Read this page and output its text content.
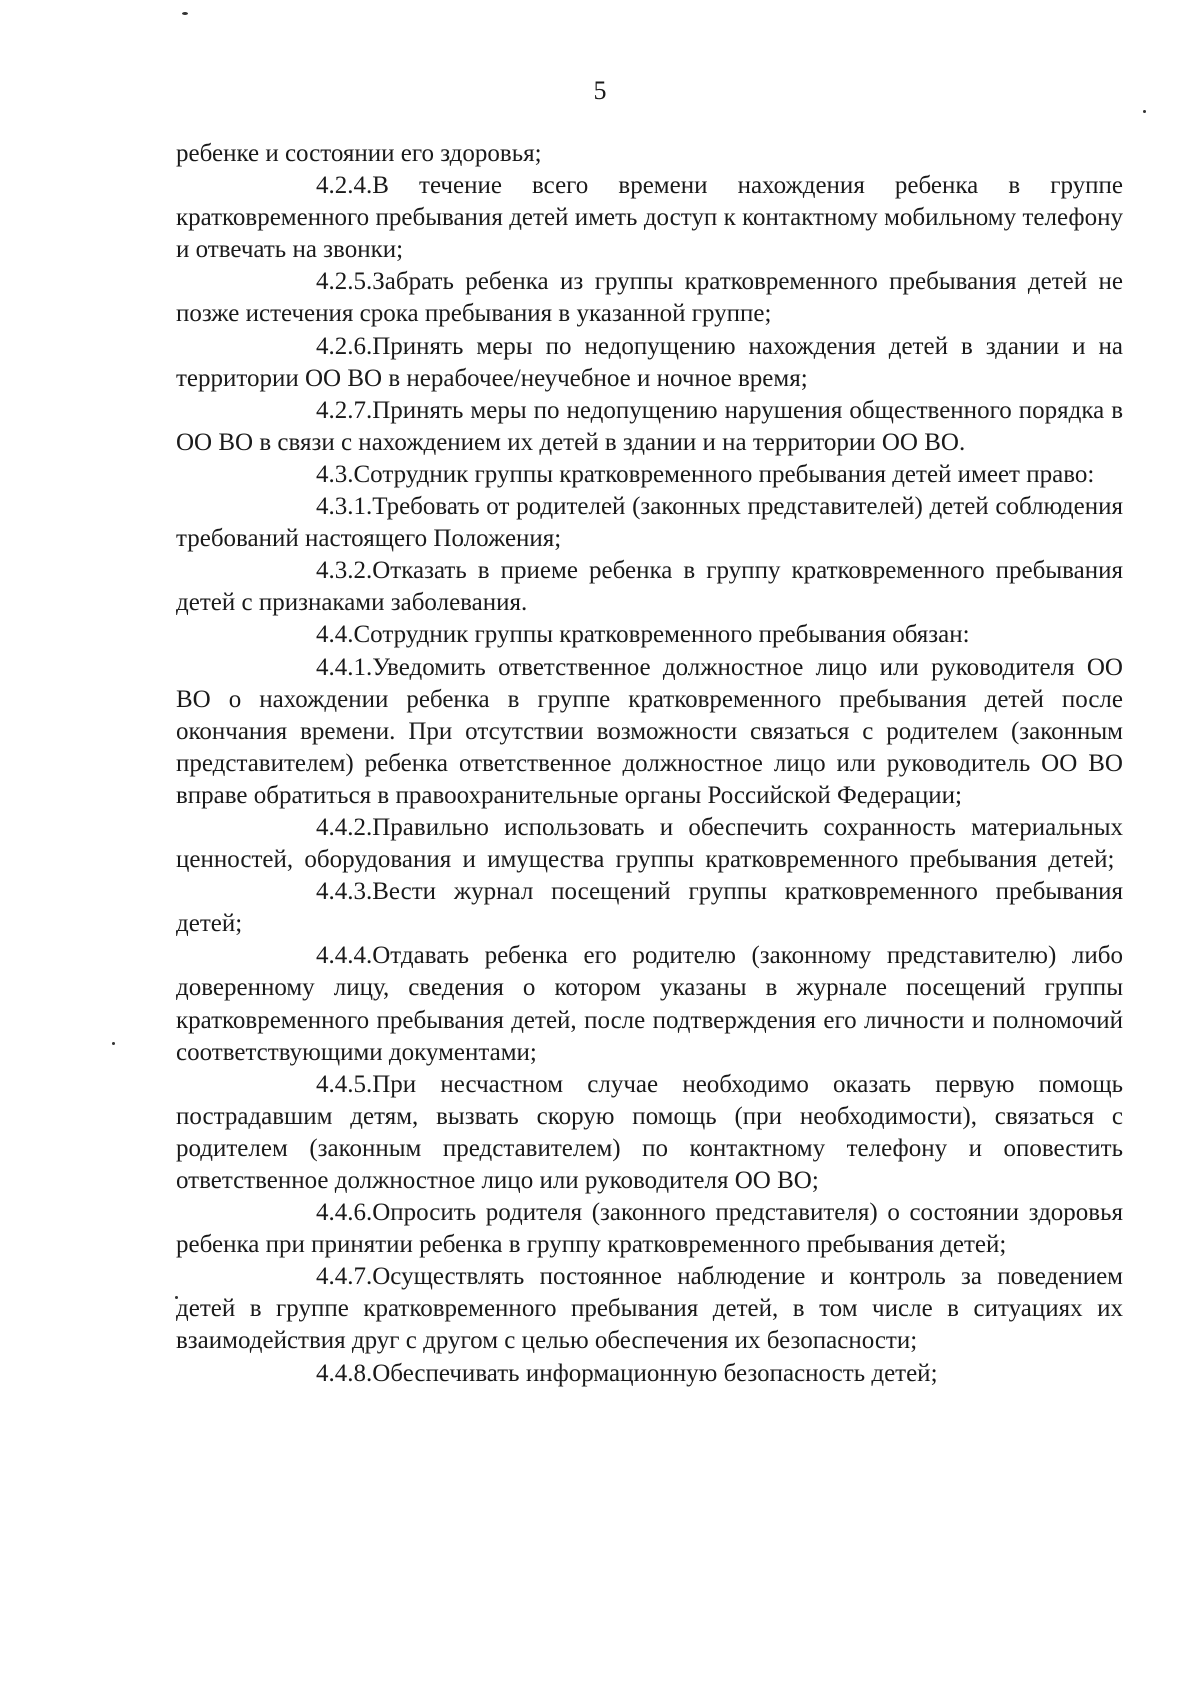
5

ребенке и состоянии его здоровья;

4.2.4.В течение всего времени нахождения ребенка в группе кратковременного пребывания детей иметь доступ к контактному мобильному телефону и отвечать на звонки;

4.2.5.Забрать ребенка из группы кратковременного пребывания детей не позже истечения срока пребывания в указанной группе;

4.2.6.Принять меры по недопущению нахождения детей в здании и на территории ОО ВО в нерабочее/неучебное и ночное время;

4.2.7.Принять меры по недопущению нарушения общественного порядка в ОО ВО в связи с нахождением их детей в здании и на территории ОО ВО.

4.3.Сотрудник группы кратковременного пребывания детей имеет право:

4.3.1.Требовать от родителей (законных представителей) детей соблюдения требований настоящего Положения;

4.3.2.Отказать в приеме ребенка в группу кратковременного пребывания детей с признаками заболевания.

4.4.Сотрудник группы кратковременного пребывания обязан:

4.4.1.Уведомить ответственное должностное лицо или руководителя ОО ВО о нахождении ребенка в группе кратковременного пребывания детей после окончания времени. При отсутствии возможности связаться с родителем (законным представителем) ребенка ответственное должностное лицо или руководитель ОО ВО вправе обратиться в правоохранительные органы Российской Федерации;

4.4.2.Правильно использовать и обеспечить сохранность материальных ценностей, оборудования и имущества группы кратковременного пребывания детей;

4.4.3.Вести журнал посещений группы кратковременного пребывания детей;

4.4.4.Отдавать ребенка его родителю (законному представителю) либо доверенному лицу, сведения о котором указаны в журнале посещений группы кратковременного пребывания детей, после подтверждения его личности и полномочий соответствующими документами;

4.4.5.При несчастном случае необходимо оказать первую помощь пострадавшим детям, вызвать скорую помощь (при необходимости), связаться с родителем (законным представителем) по контактному телефону и оповестить ответственное должностное лицо или руководителя ОО ВО;

4.4.6.Опросить родителя (законного представителя) о состоянии здоровья ребенка при принятии ребенка в группу кратковременного пребывания детей;

4.4.7.Осуществлять постоянное наблюдение и контроль за поведением детей в группе кратковременного пребывания детей, в том числе в ситуациях их взаимодействия друг с другом с целью обеспечения их безопасности;

4.4.8.Обеспечивать информационную безопасность детей;
